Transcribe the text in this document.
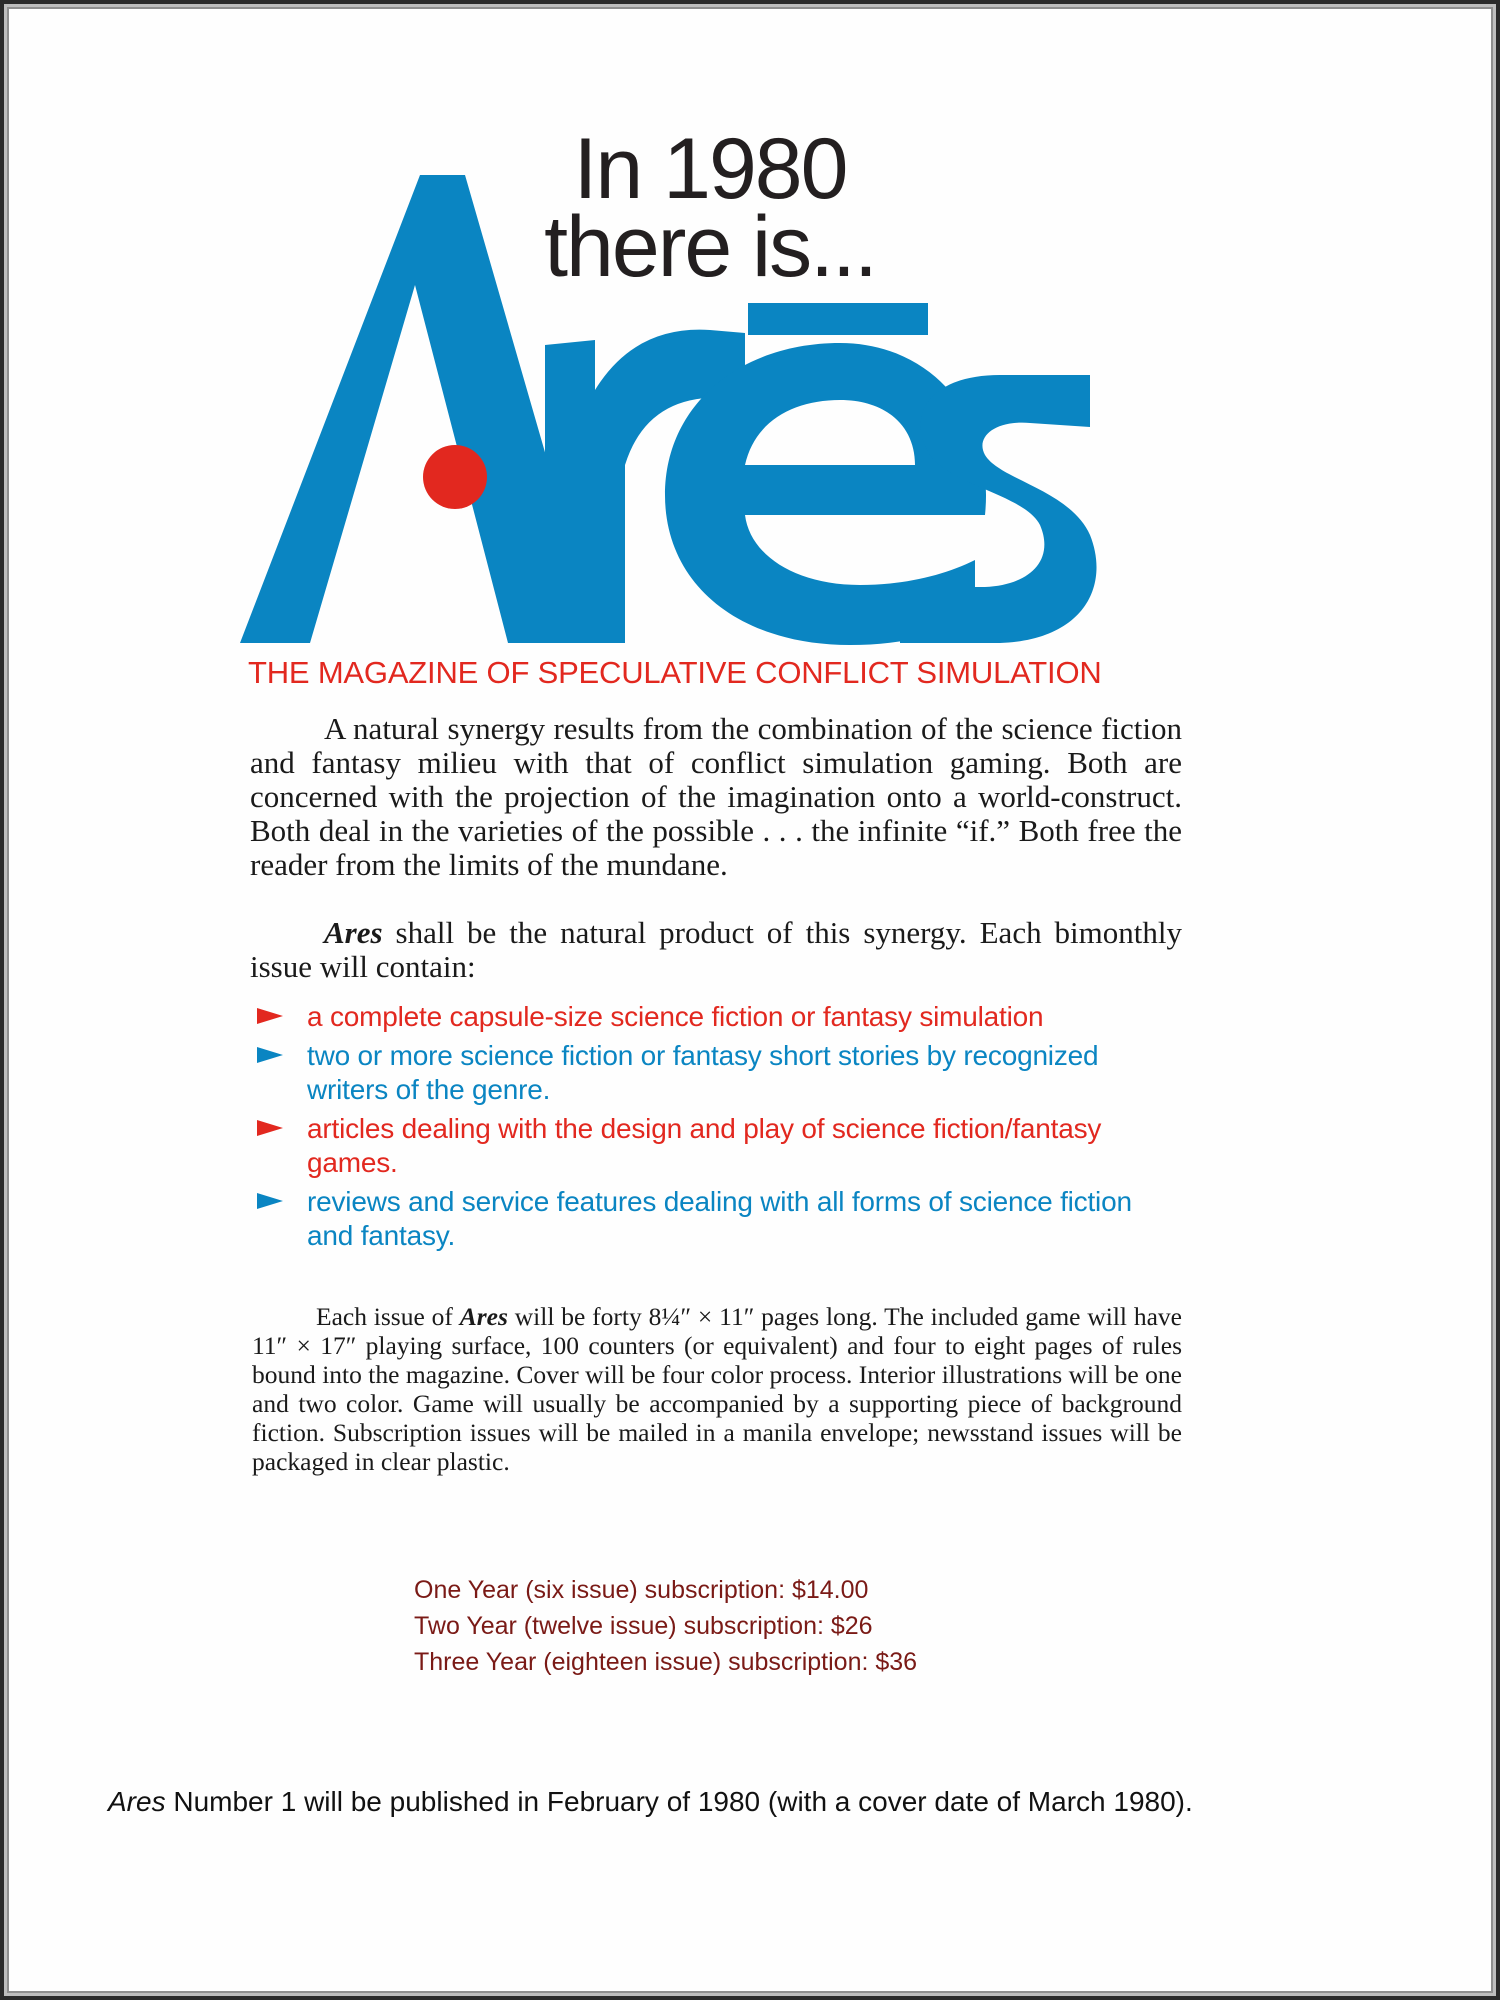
In 1980
there is...
THE MAGAZINE OF SPECULATIVE CONFLICT SIMULATION

A natural synergy results from the combination of the science fiction and fantasy milieu with that of conflict simulation gaming. Both are concerned with the projection of the imagination onto a world-construct. Both deal in the varieties of the possible . . . the infinite “if.” Both free the reader from the limits of the mundane.

Ares shall be the natural product of this synergy. Each bimonthly issue will contain:

a complete capsule-size science fiction or fantasy simulation
two or more science fiction or fantasy short stories by recognized writers of the genre.
articles dealing with the design and play of science fiction/fantasy games.
reviews and service features dealing with all forms of science fiction and fantasy.

Each issue of Ares will be forty 8¼″ × 11″ pages long. The included game will have 11″ × 17″ playing surface, 100 counters (or equivalent) and four to eight pages of rules bound into the magazine. Cover will be four color process. Interior illustrations will be one and two color. Game will usually be accompanied by a supporting piece of background fiction. Subscription issues will be mailed in a manila envelope; newsstand issues will be packaged in clear plastic.

One Year (six issue) subscription: $14.00
Two Year (twelve issue) subscription: $26
Three Year (eighteen issue) subscription: $36
Ares Number 1 will be published in February of 1980 (with a cover date of March 1980).
